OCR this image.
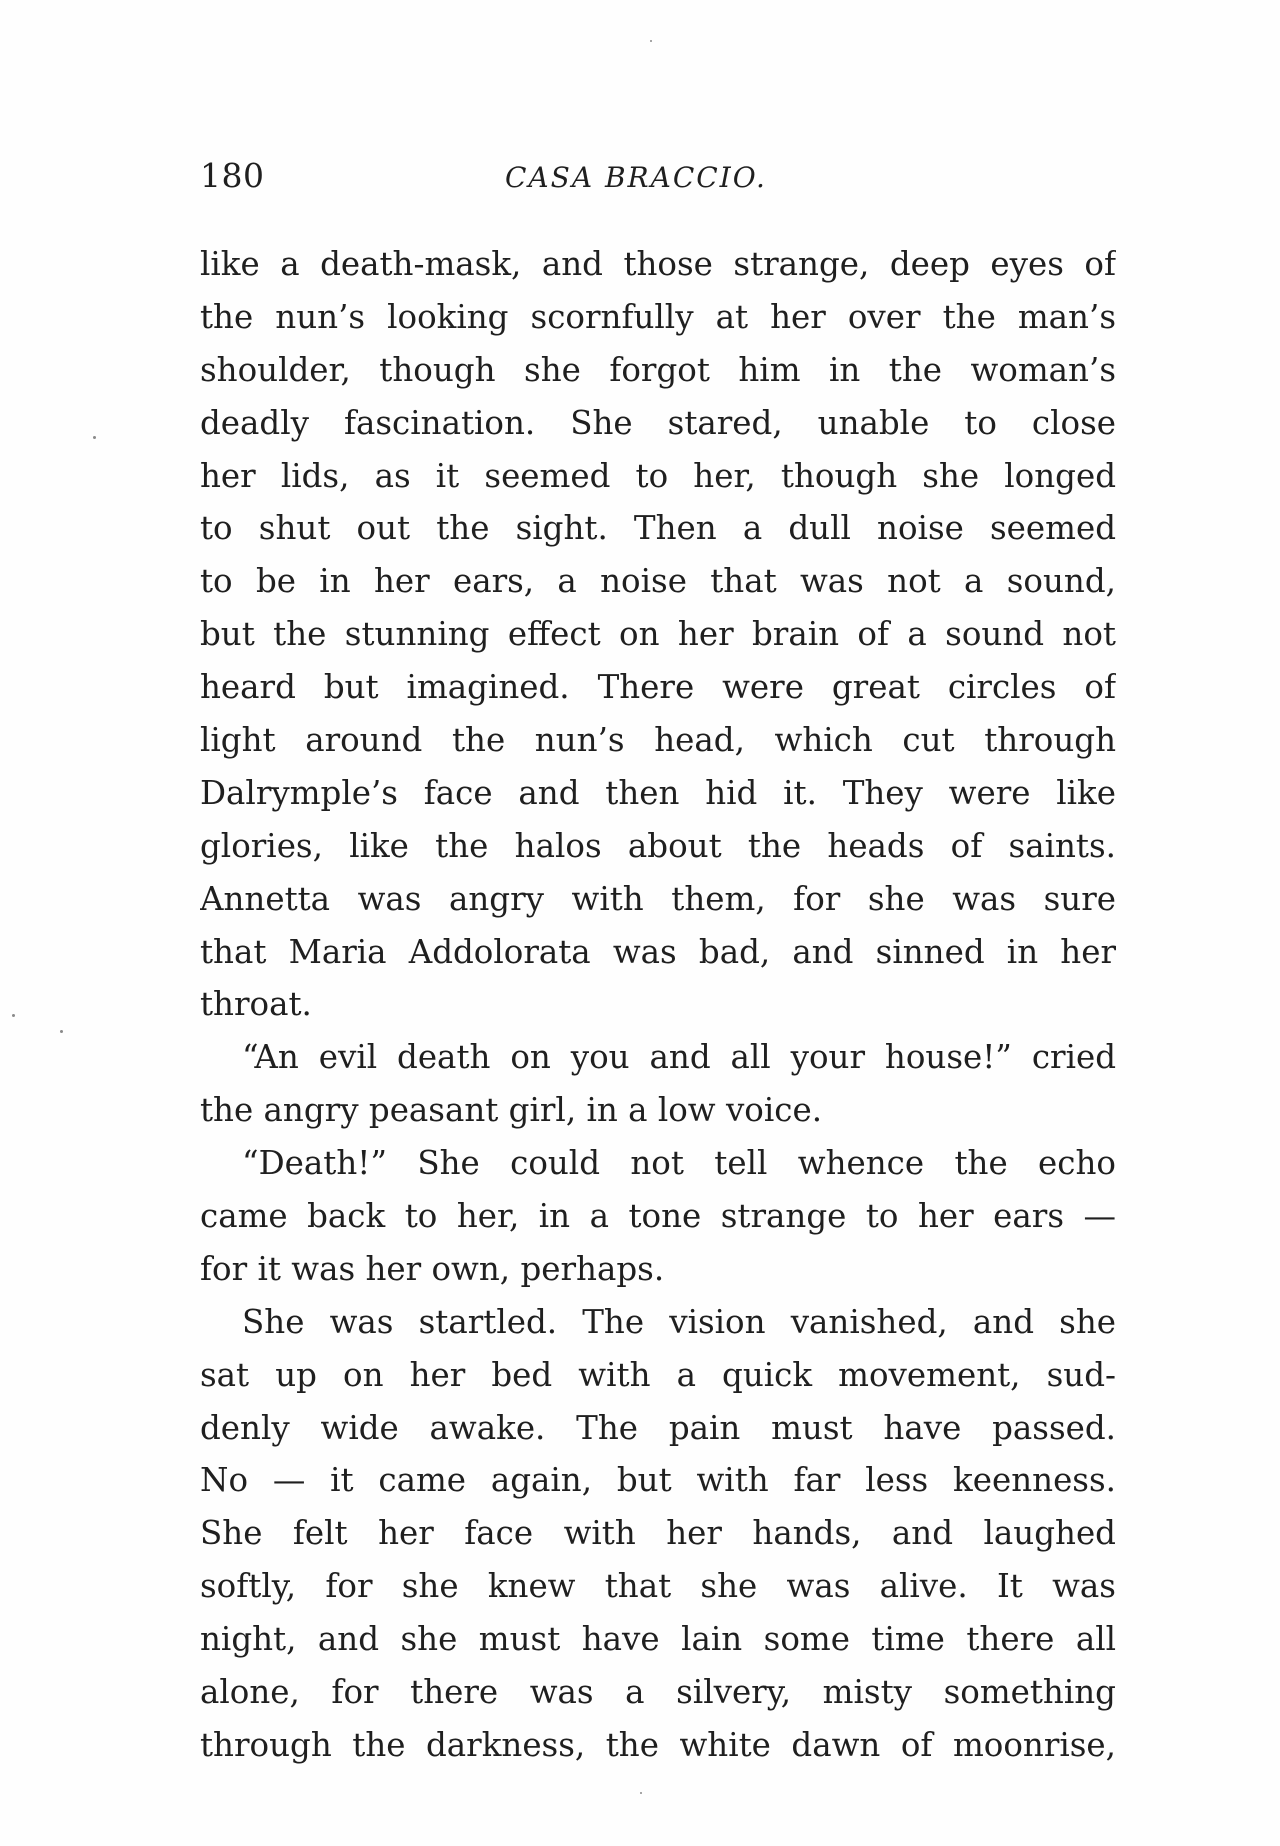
180	CASA BRACCIO.
like a death-mask, and those strange, deep eyes of
the nun’s looking scornfully at her over the man’s
shoulder, though she forgot him in the woman’s
deadly fascination. She stared, unable to close
her lids, as it seemed to her, though she longed
to shut out the sight. Then a dull noise seemed
to be in her ears, a noise that was not a sound,
but the stunning effect on her brain of a sound not
heard but imagined. There were great circles of
light around the nun’s head, which cut through
Dalrymple’s face and then hid it. They were like
glories, like the halos about the heads of saints.
Annetta was angry with them, for she was sure
that Maria Addolorata was bad, and sinned in her
throat.
“An evil death on you and all your house!” cried
the angry peasant girl, in a low voice.
“Death!” She could not tell whence the echo
came back to her, in a tone strange to her ears —
for it was her own, perhaps.
She was startled. The vision vanished, and she
sat up on her bed with a quick movement, sud-
denly wide awake. The pain must have passed.
No — it came again, but with far less keenness.
She felt her face with her hands, and laughed
softly, for she knew that she was alive. It was
night, and she must have lain some time there all
alone, for there was a silvery, misty something
through the darkness, the white dawn of moonrise,
